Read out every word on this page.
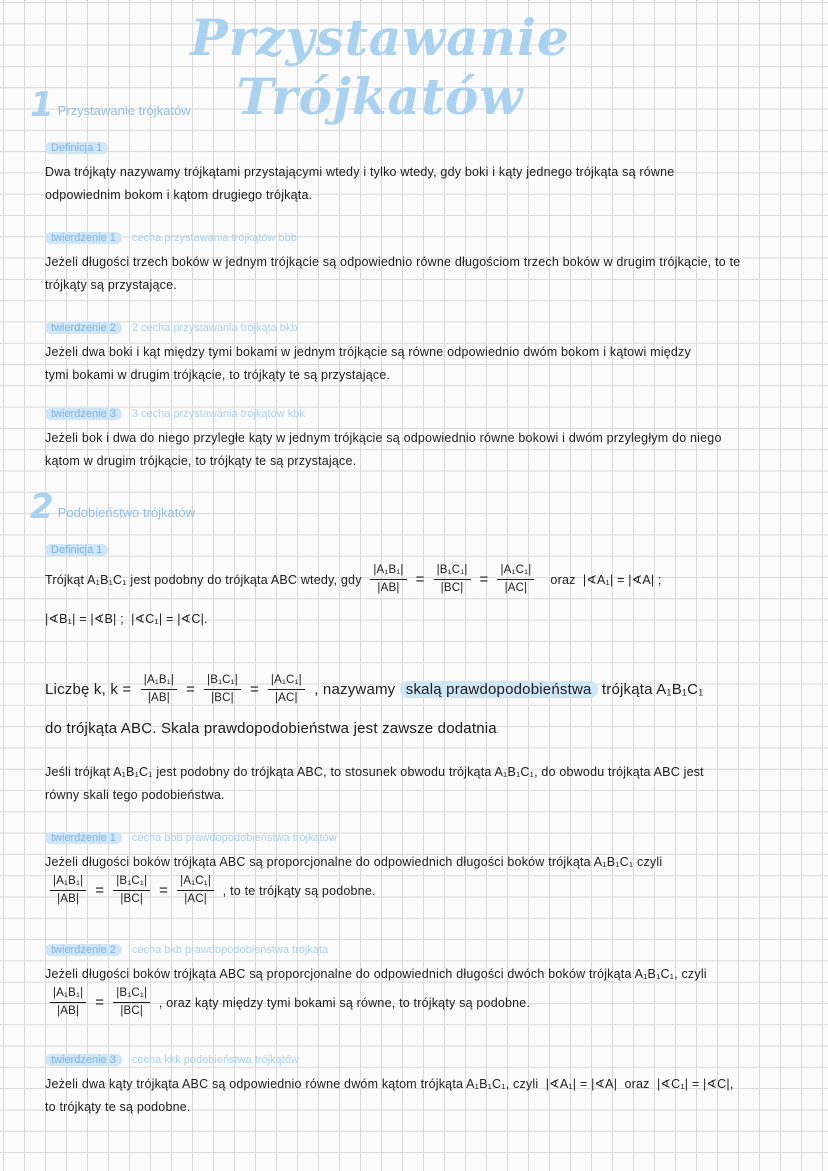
Przystawanie Trójkatów
Definicja 1
Dwa trójkąty nazywamy trójkątami przystającymi wtedy i tylko wtedy, gdy boki i kąty jednego trójkąta są równe
odpowiednim bokom i kątom drugiego trójkąta.
twierdzenie 1	cecha przystawania trójkątów bbb
Jeżeli długości trzech boków w jednym trójkącie są odpowiednio równe długościom trzech boków w drugim trójkącie, to te
trójkąty są przystające.
twierdzenie 2	2 cecha przystawania trójkąta bkb
Jeżeli dwa boki i kąt między tymi bokami w jednym trójkącie są równe odpowiednio dwóm bokom i kątowi między
tymi bokami w drugim trójkącie, to trójkąty te są przystające.
twierdzenie 3	3 cecha przystawania trójkątów kbk
Jeżeli bok i dwa do niego przyległe kąty w jednym trójkącie są odpowiednio równe bokowi i dwóm przyległym do niego
kątom w drugim trójkącie, to trójkąty te są przystające.
Definicja 1
Trójkąt A₁B₁C₁ jest podobny do trójkąta ABC wtedy, gdy $\frac{\text{|A₁B₁|}}{|AB|} = \frac{\text{|B₁C₁|}}{|BC|} = \frac{\text{|A₁C₁|}}{|AC|}$ oraz  |∢A₁| = |∢A| ;
|∢B₁| = |∢B| ;  |∢C₁| = |∢C|.
Liczbę k, $k = \frac{\text{|A₁B₁|}}{|AB|} = \frac{\text{|B₁C₁|}}{|BC|} = \frac{\text{|A₁C₁|}}{|AC|}$ , nazywamy skalą prawdopodobieństwa trójkąta A₁B₁C₁
do trójkąta ABC. Skala prawdopodobieństwa jest zawsze dodatnia
Jeśli trójkąt A₁B₁C₁ jest podobny do trójkąta ABC, to stosunek obwodu trójkąta A₁B₁C₁, do obwodu trójkąta ABC jest
równy skali tego podobieństwa.
twierdzenie 1	cecha bbb prawdopodobieństwa trójkątów
Jeżeli długości boków trójkąta ABC są proporcjonalne do odpowiednich długości boków trójkąta A₁B₁C₁ czyli
$\frac{\text{|A₁B₁|}}{|AB|} = \frac{\text{|B₁C₁|}}{|BC|} = \frac{\text{|A₁C₁|}}{|AC|}$ , to te trójkąty są podobne.
twierdzenie 2	cecha bkb prawdopodobieństwa trójkąta
Jeżeli długości boków trójkąta ABC są proporcjonalne do odpowiednich długości dwóch boków trójkąta A₁B₁C₁, czyli
$\frac{\text{|A₁B₁|}}{|AB|} = \frac{\text{|B₁C₁|}}{|BC|}$ , oraz kąty między tymi bokami są równe, to trójkąty są podobne.
twierdzenie 3	cecha kkk podobieństwa trójkątów
Jeżeli dwa kąty trójkąta ABC są odpowiednio równe dwóm kątom trójkąta A₁B₁C₁, czyli  |∢A₁| = |∢A|  oraz  |∢C₁| = |∢C|,
to trójkąty te są podobne.
1 Przystawanie trójkatów
2 Podobieństwo trójkatów
